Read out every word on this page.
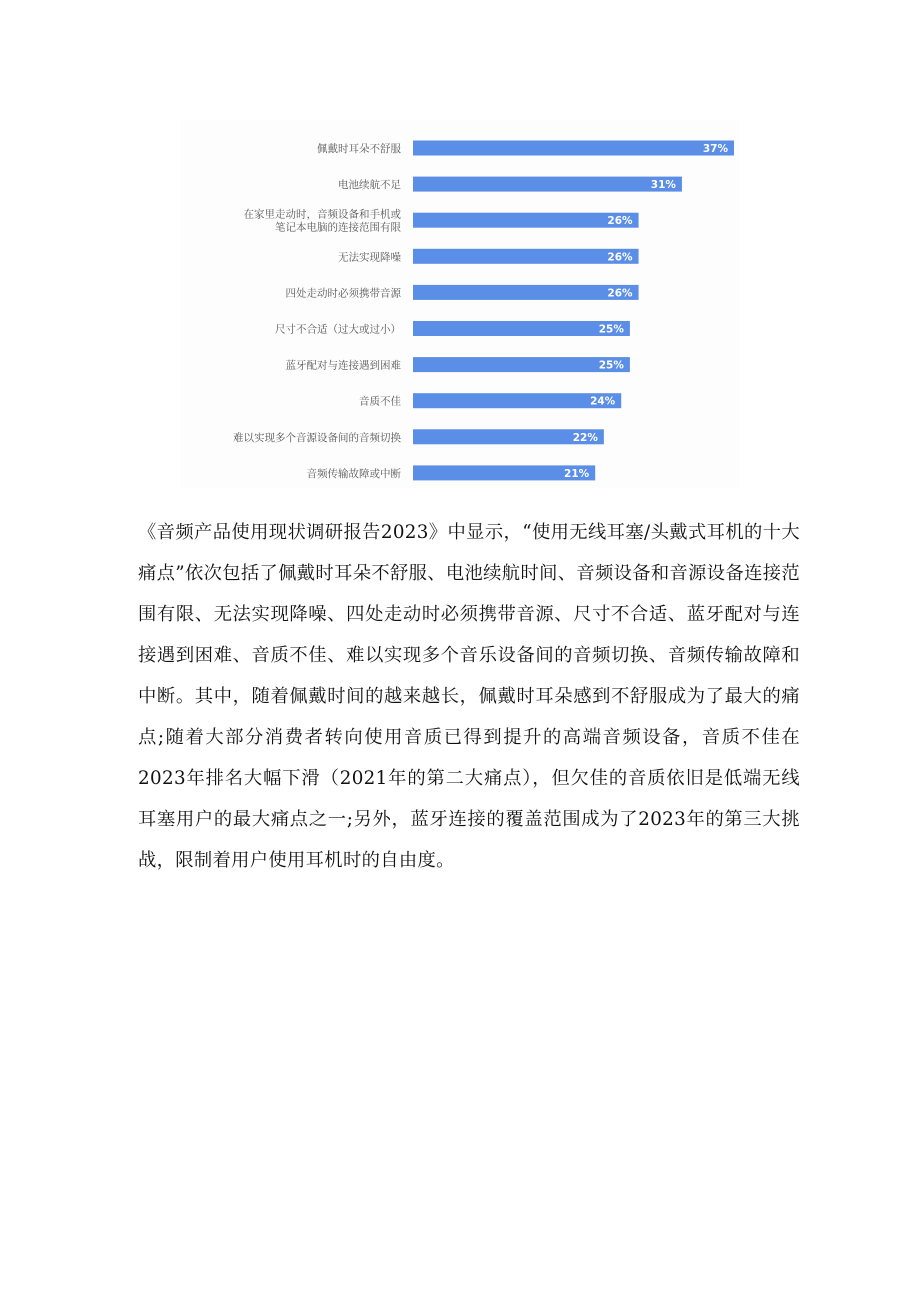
37%
佩戴时耳朵不舒服
31%
电池续航不足
26%
在家里走动时，音频设备和手机或笔记本电脑的连接范围有限
26%
无法实现降噪
26%
四处走动时必须携带音源
25%
尺寸不合适（过大或过小）
25%
蓝牙配对与连接遇到困难
24%
音质不佳
22%
难以实现多个音源设备间的音频切换
21%
音频传输故障或中断

《音频产品使用现状调研报告2023》中显示，“使用无线耳塞/头戴式耳机的十大痛点”依次包括了佩戴时耳朵不舒服、电池续航时间、音频设备和音源设备连接范围有限、无法实现降噪、四处走动时必须携带音源、尺寸不合适、蓝牙配对与连接遇到困难、音质不佳、难以实现多个音乐设备间的音频切换、音频传输故障和中断。其中，随着佩戴时间的越来越长，佩戴时耳朵感到不舒服成为了最大的痛点;随着大部分消费者转向使用音质已得到提升的高端音频设备，音质不佳在2023年排名大幅下滑（2021年的第二大痛点），但欠佳的音质依旧是低端无线耳塞用户的最大痛点之一;另外，蓝牙连接的覆盖范围成为了2023年的第三大挑战，限制着用户使用耳机时的自由度。
